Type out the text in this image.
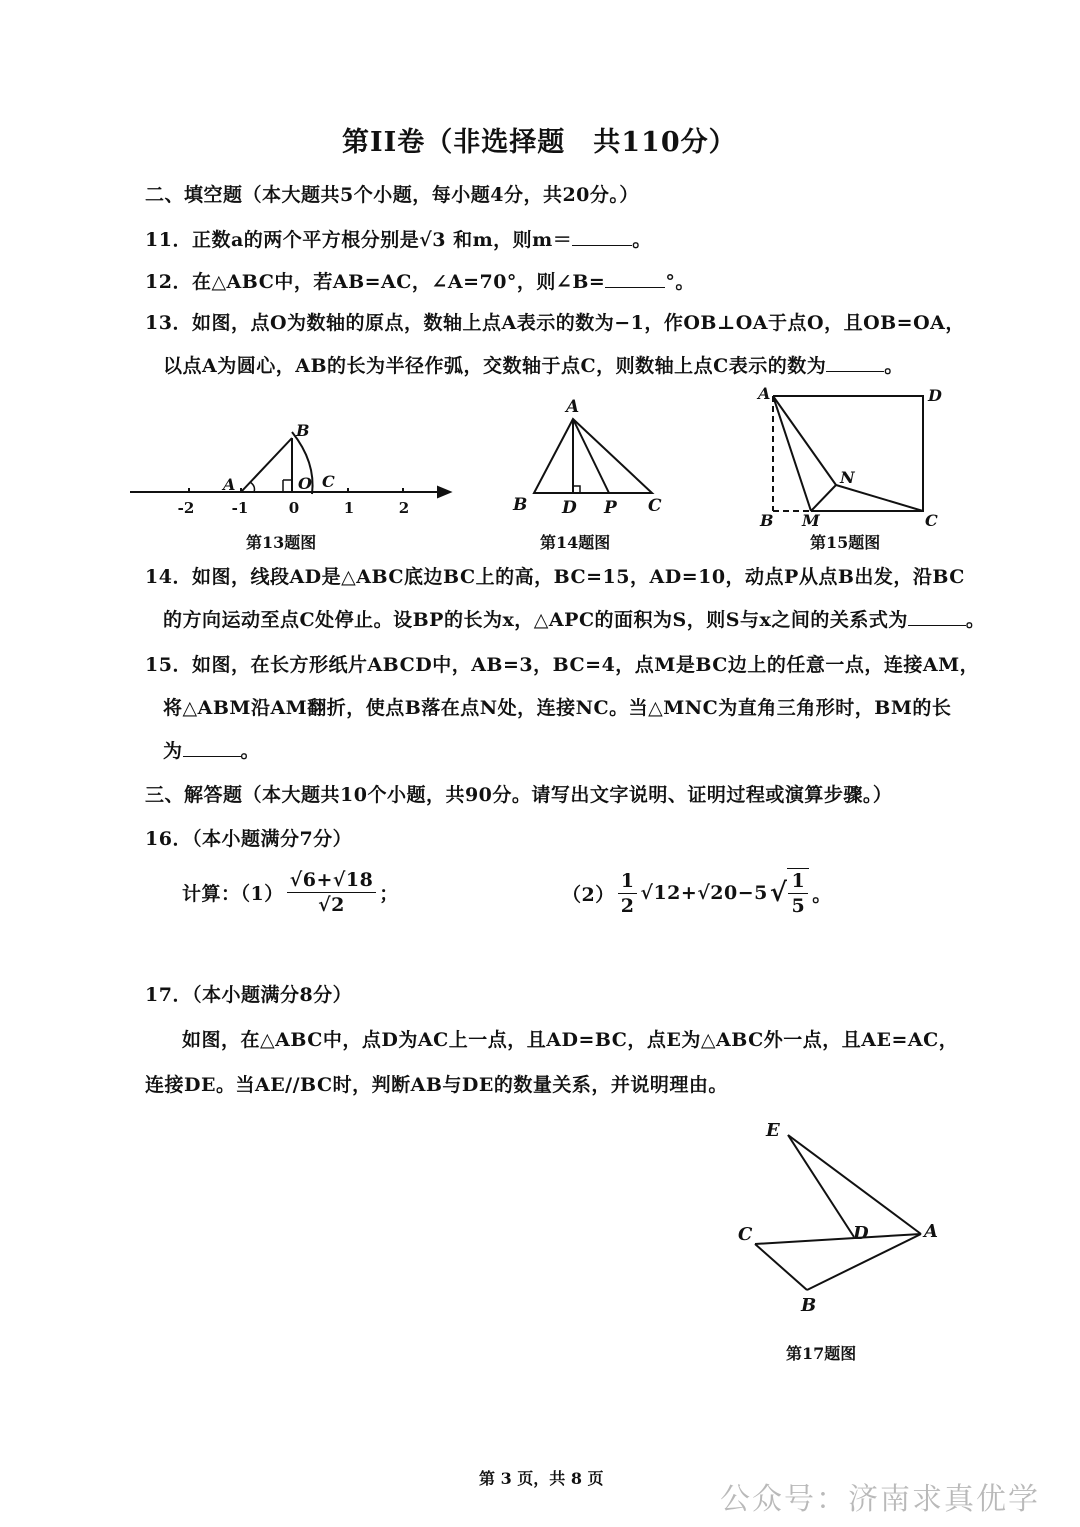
第II卷（非选择题　共110分）
二、填空题（本大题共5个小题，每小题4分，共20分。）
11．正数a的两个平方根分别是√3 和m，则m＝	。
12．在△ABC中，若AB=AC，∠A=70°，则∠B=	°。
13．如图，点O为数轴的原点，数轴上点A表示的数为−1，作OB⊥OA于点O，且OB=OA，
以点A为圆心，AB的长为半径作弧，交数轴于点C，则数轴上点C表示的数为	。
A
B
O C
-2 -1	0	1	2
第13题图
A
B D P C
第14题图
A	D
N
B M	C
第15题图
14．如图，线段AD是△ABC底边BC上的高，BC=15，AD=10，动点P从点B出发，沿BC
的方向运动至点C处停止。设BP的长为x，△APC的面积为S，则S与x之间的关系式为	。
15．如图，在长方形纸片ABCD中，AB=3，BC=4，点M是BC边上的任意一点，连接AM，
将△ABM沿AM翻折，使点B落在点N处，连接NC。当△MNC为直角三角形时，BM的长
为	。
三、解答题（本大题共10个小题，共90分。请写出文字说明、证明过程或演算步骤。）
16．（本小题满分7分）
计算：$(1) \frac{√6+√18}{√2}$ ；	$(2) \frac{1}{2} √12+√20-5$ √ $\frac{1}{5}$ 。
17．（本小题满分8分）
如图，在△ABC中，点D为AC上一点，且AD=BC，点E为△ABC外一点，且AE=AC，
连接DE。当AE//BC时，判断AB与DE的数量关系，并说明理由。
E
C	D	A
B
第17题图
第 3 页，共 8 页
公众号：济南求真优学
